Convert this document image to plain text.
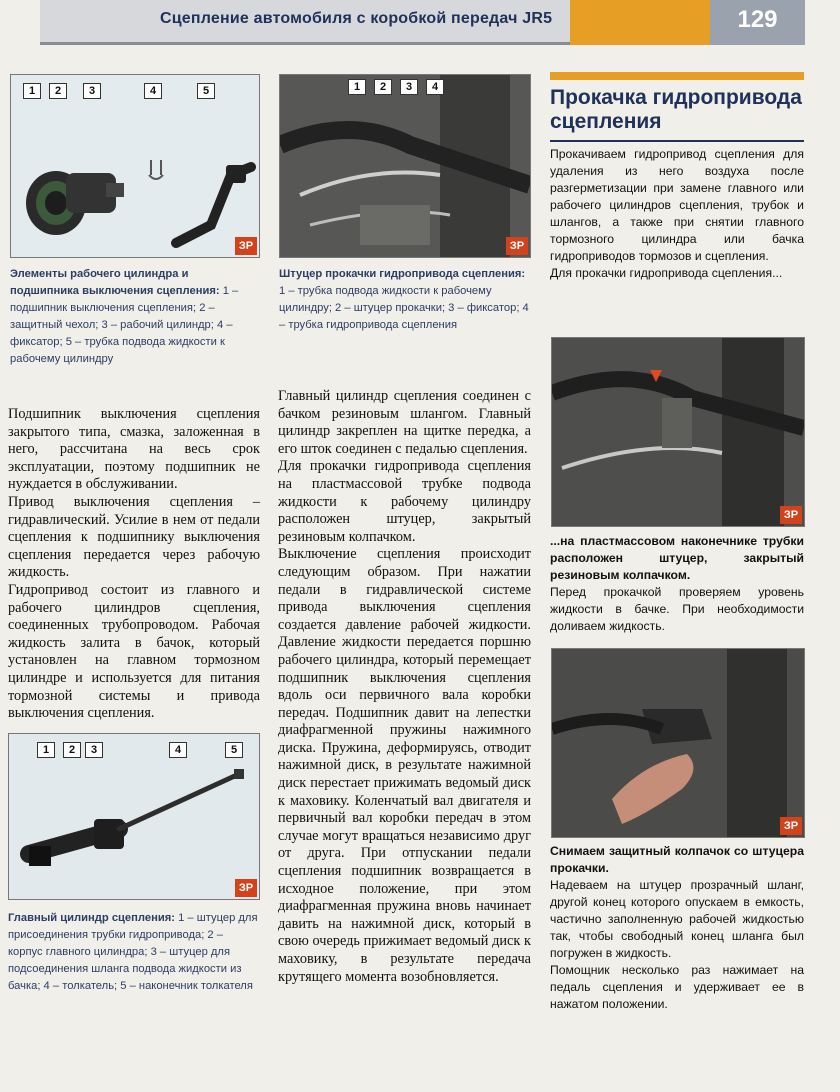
Сцепление автомобиля с коробкой передач JR5	129
1	2	3	4	5
ЗР
Элементы рабочего цилиндра и подшипника выключения сцепления: 1 – подшипник выключения сцепления; 2 – защитный чехол; 3 – рабочий цилиндр; 4 – фиксатор; 5 – трубка подвода жидкости к рабочему цилиндру
1	2	3	4
ЗР
Штуцер прокачки гидропривода сцепления: 1 – трубка подвода жидкости к рабочему цилиндру; 2 – штуцер прокачки; 3 – фиксатор; 4 – трубка гидропривода сцепления
Прокачка гидропривода сцепления

Прокачиваем гидропривод сцепления для удаления из него воздуха после разгерметизации при замене главного или рабочего цилиндров сцепления, трубок и шлангов, а также при снятии главного тормозного цилиндра или бачка гидроприводов тормозов и сцепления.

Для прокачки гидропривода сцепления...

ЗР

...на пластмассовом наконечнике трубки расположен штуцер, закрытый резиновым колпачком.

Перед прокачкой проверяем уровень жидкости в бачке. При необходимости доливаем жидкость.

ЗР

Снимаем защитный колпачок со штуцера прокачки.

Надеваем на штуцер прозрачный шланг, другой конец которого опускаем в емкость, частично заполненную рабочей жидкостью так, чтобы свободный конец шланга был погружен в жидкость.

Помощник несколько раз нажимает на педаль сцепления и удерживает ее в нажатом положении.

Подшипник выключения сцепления закрытого типа, смазка, заложенная в него, рассчитана на весь срок эксплуатации, поэтому подшипник не нуждается в обслуживании.

Привод выключения сцепления – гидравлический. Усилие в нем от педали сцепления к подшипнику выключения сцепления передается через рабочую жидкость.

Гидропривод состоит из главного и рабочего цилиндров сцепления, соединенных трубопроводом. Рабочая жидкость залита в бачок, который установлен на главном тормозном цилиндре и используется для питания тормозной системы и привода выключения сцепления.

1	2	3	4	5
ЗР
Главный цилиндр сцепления: 1 – штуцер для присоединения трубки гидропривода; 2 – корпус главного цилиндра; 3 – штуцер для подсоединения шланга подвода жидкости из бачка; 4 – толкатель; 5 – наконечник толкателя

Главный цилиндр сцепления соединен с бачком резиновым шлангом. Главный цилиндр закреплен на щитке передка, а его шток соединен с педалью сцепления.

Для прокачки гидропривода сцепления на пластмассовой трубке подвода жидкости к рабочему цилиндру расположен штуцер, закрытый резиновым колпачком.

Выключение сцепления происходит следующим образом. При нажатии педали в гидравлической системе привода выключения сцепления создается давление рабочей жидкости. Давление жидкости передается поршню рабочего цилиндра, который перемещает подшипник выключения сцепления вдоль оси первичного вала коробки передач. Подшипник давит на лепестки диафрагменной пружины нажимного диска. Пружина, деформируясь, отводит нажимной диск, в результате нажимной диск перестает прижимать ведомый диск к маховику. Коленчатый вал двигателя и первичный вал коробки передач в этом случае могут вращаться независимо друг от друга. При отпускании педали сцепления подшипник возвращается в исходное положение, при этом диафрагменная пружина вновь начинает давить на нажимной диск, который в свою очередь прижимает ведомый диск к маховику, в результате передача крутящего момента возобновляется.
